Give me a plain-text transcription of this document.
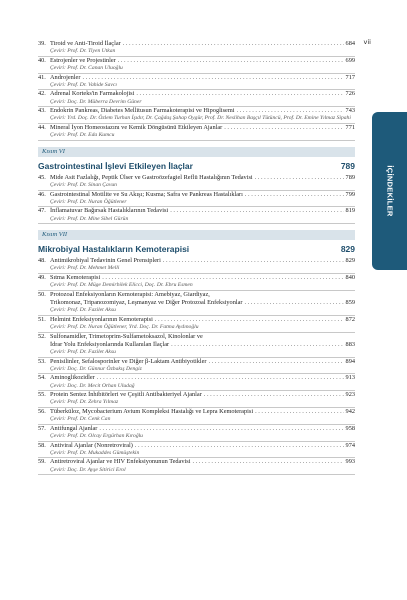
vii
İÇİNDEKİLER
39. Tiroid ve Anti-Tiroid İlaçlar . . .	684
Çeviri: Prof. Dr. Tiyen Utkan
40. Estrojenler ve Projestinler . . .	699
Çeviri: Prof. Dr. Canan Uluoğlu
41. Androjenler . . .	717
Çeviri: Prof. Dr. Vahide Savcı
42. Adrenal Korteks'in Farmakolojisi . . .	726
Çeviri: Doç. Dr. Müberra Devrim Güner
43. Endokrin Pankreas, Diabetes Mellitusun Farmakoterapisi ve Hipoglisemi . . .	743
Çeviri: Yrd. Doç. Dr. Özlem Turhan İşıdır, Dr. Çağdaş Şahap Oygür, Prof. Dr. Neslihan Başçıl Tütüncü, Prof. Dr. Emine Yılmaz Sipahi
44. Mineral İyon Homeostazını ve Kemik Döngüsünü Etkileyen Ajanlar . . .	771
Çeviri: Prof. Dr. Eda Kumcu
Kısım VI
Gastrointestinal İşlevi Etkileyen İlaçlar	789
45. Mide Asit Fazlalığı, Peptik Ülser ve Gastroözefagiel Reflü Hastalığının Tedavisi . . .	789
Çeviri: Prof. Dr. Sinan Çavun
46. Gastrointestinal Motilite ve Su Akışı; Kusma; Safra ve Pankreas Hastalıkları . . .	799
Çeviri: Prof. Dr. Nuran Öğütlener
47. İnflamatuvar Bağırsak Hastalıklarının Tedavisi . . .	819
Çeviri: Prof. Dr. Mine Sibel Gürün
Kısım VII
Mikrobiyal Hastalıkların Kemoterapisi	829
48. Antimikrobiyal Tedavinin Genel Prensipleri . . .	829
Çeviri: Prof. Dr. Mehmet Melli
49. Sıtma Kemoterapisi . . .	840
Çeviri: Prof. Dr. Müge Demirbilek Elicci, Doç. Dr. Ebru Esmen
50. Protozoal Enfeksiyonların Kemoterapisi: Amebiyaz, Giardiyaz,
Trikomonaz, Tripanozomiyaz, Leşmanyaz ve Diğer Protozoal Enfeksiyonlar . . .	859
Çeviri: Prof. Dr. Fazilet Aksu
51. Helmint Enfeksiyonlarının Kemoterapisi . . .	872
Çeviri: Prof. Dr. Nuran Öğütlener, Yrd. Doç. Dr. Fatma Aydınoğlu
52. Sulfonamidler, Trimetoprim-Sulfametoksazol, Kinolonlar ve
İdrar Yolu Enfeksiyonlarında Kullanılan İlaçlar . . .	883
Çeviri: Prof. Dr. Fazilet Aksu
53. Penisilinler, Sefalosporinler ve Diğer β-Laktam Antibiyotikler . . .	894
Çeviri: Doç. Dr. Günnur Özbakış Dengiz
54. Aminoglikozidler . . .	913
Çeviri: Doç. Dr. Mecit Orhan Uludağ
55. Protein Sentez İnhibitörleri ve Çeşitli Antibakteriyel Ajanlar . . .	923
Çeviri: Prof. Dr. Zehra Yılmaz
56. Tüberküloz, Mycobacterium Avium Kompleksi Hastalığı ve Lepra Kemoterapisi . . .	942
Çeviri: Prof. Dr. Cenk Can
57. Antifungal Ajanlar . . .	958
Çeviri: Prof. Dr. Olcay Ergürhan Kıroğlu
58. Antiviral Ajanlar (Nonretroviral) . . .	974
Çeviri: Prof. Dr. Mukaddes Gümüştekin
59. Antiretroviral Ajanlar ve HIV Enfeksiyonunun Tedavisi . . .	993
Çeviri: Doç. Dr. Ayşe Sitirici Erol
